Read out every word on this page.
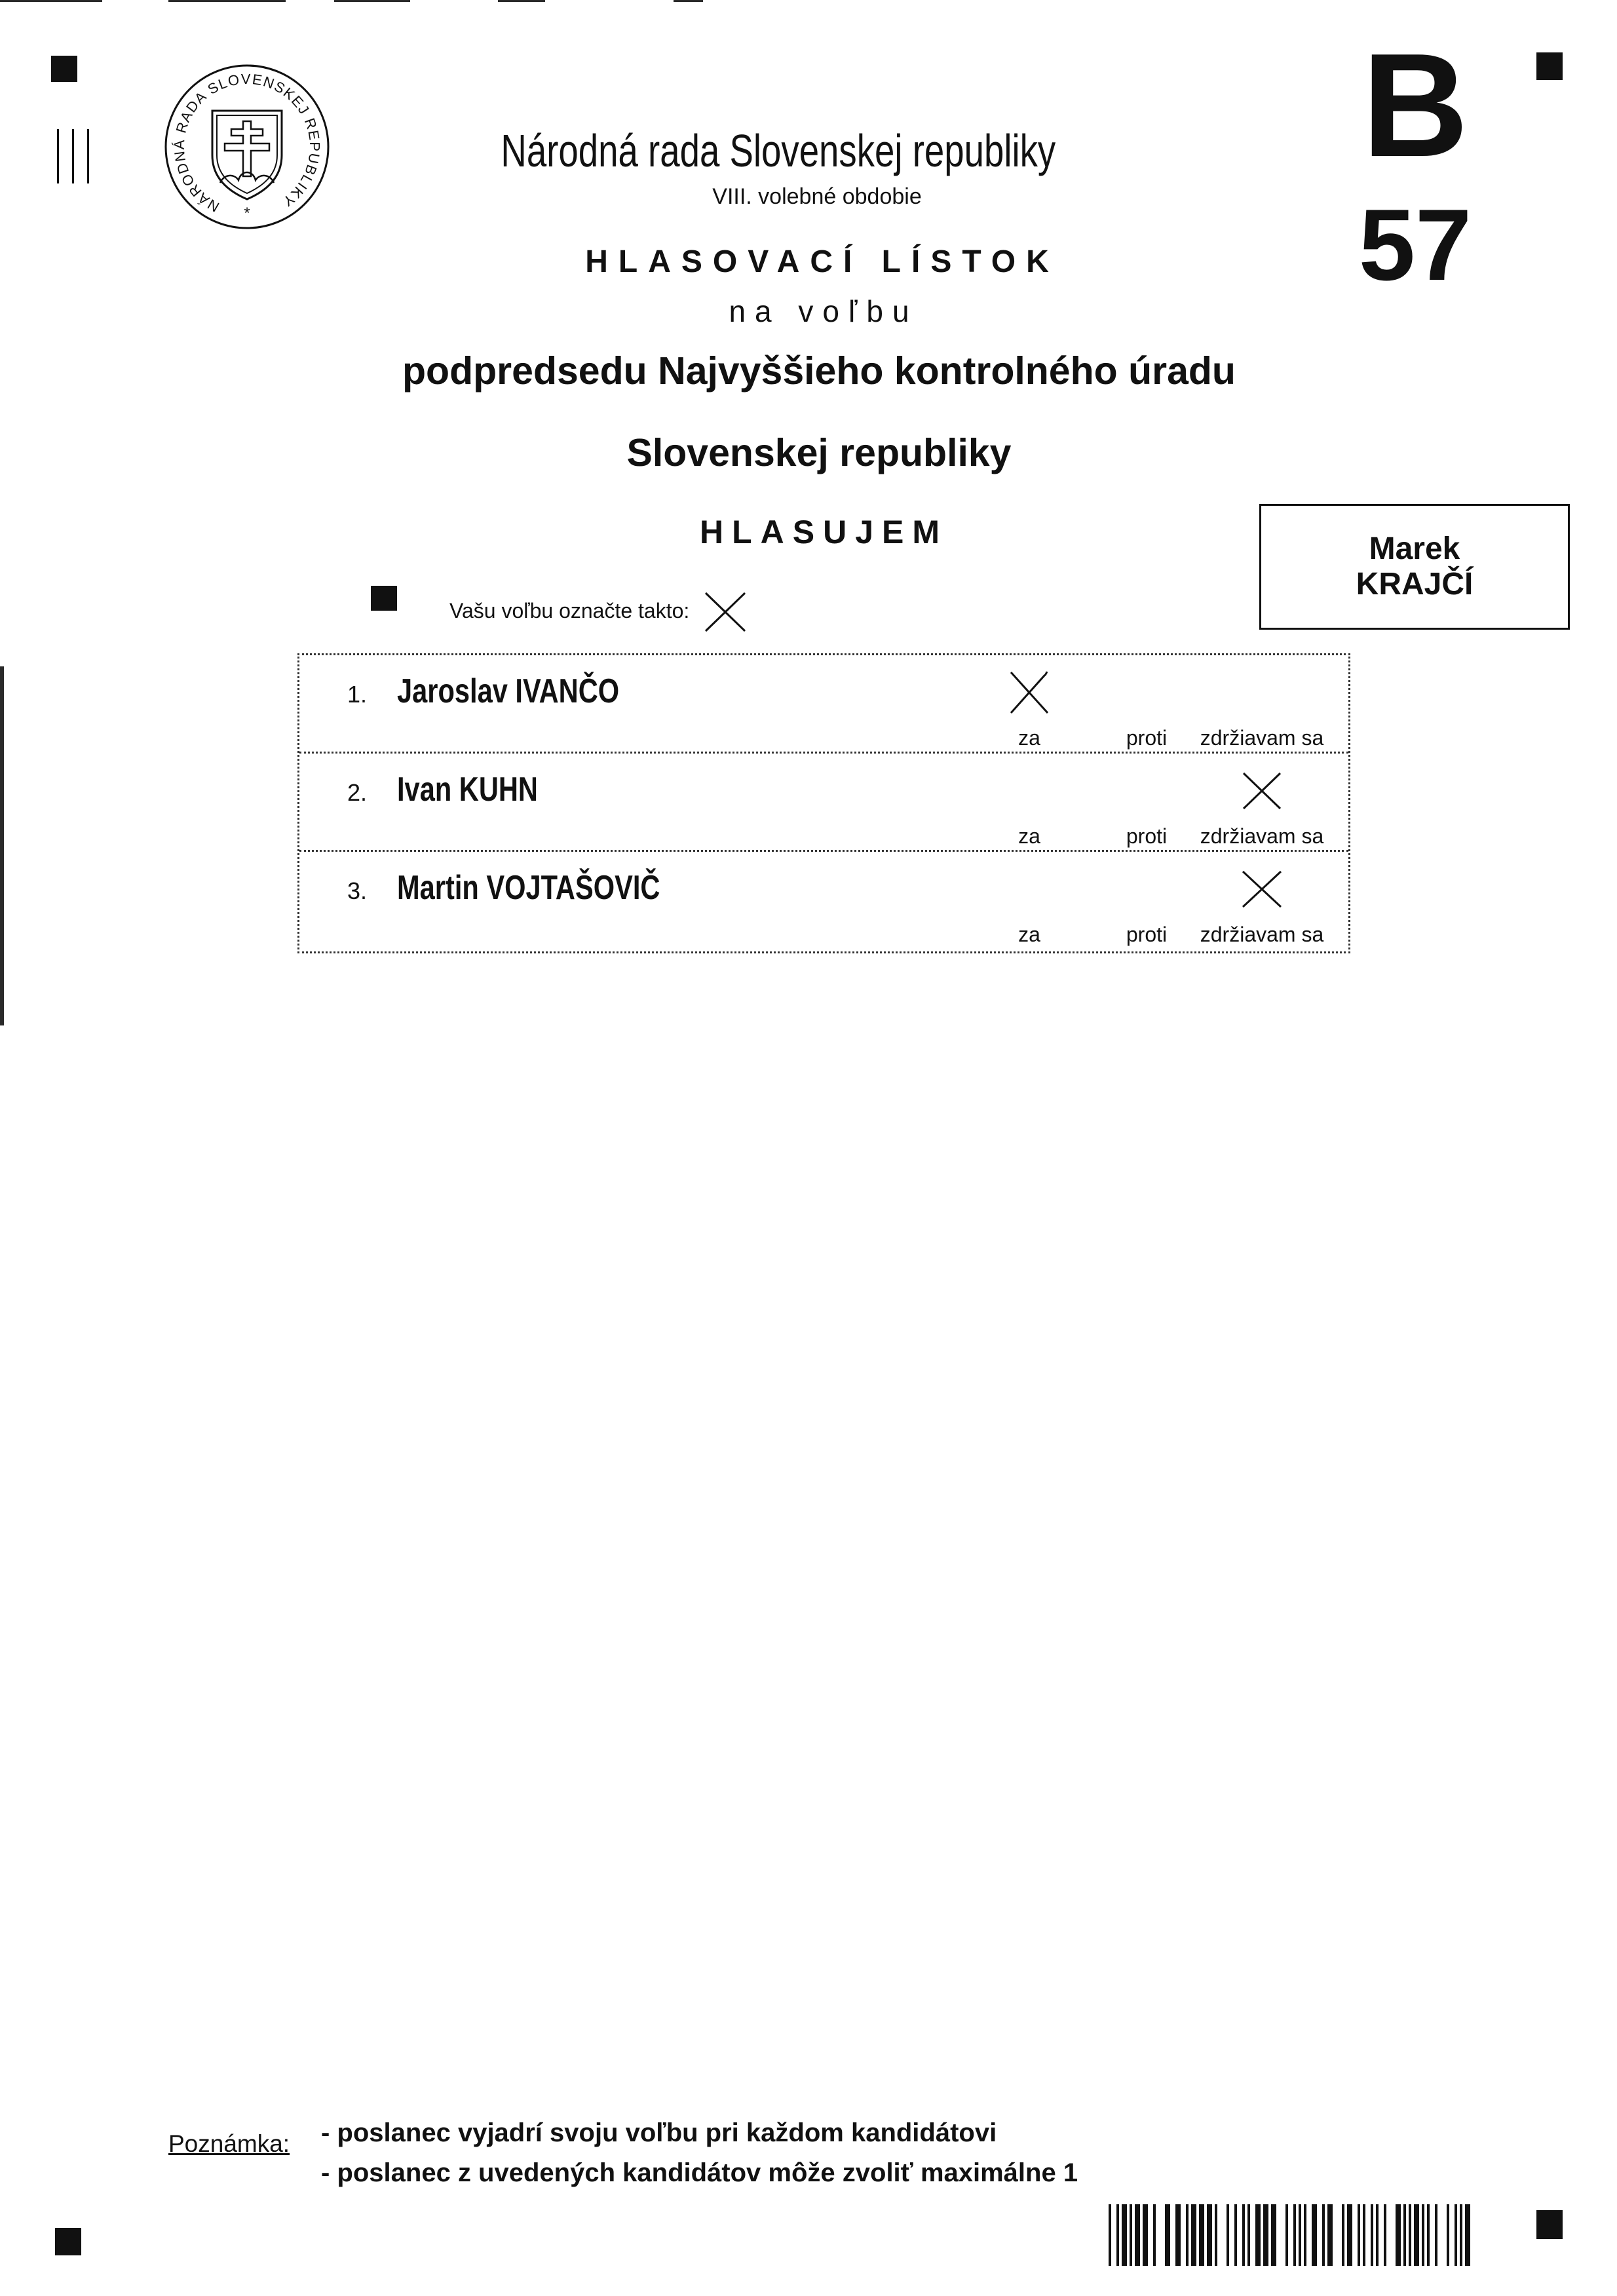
NÁRODNÁ RADA SLOVENSKEJ REPUBLIKY
*
Národná rada Slovenskej republiky
VIII. volebné obdobie
HLASOVACÍ LÍSTOK
na voľbu
podpredsedu Najvyššieho kontrolného úradu
Slovenskej republiky
HLASUJEM
B
57
Marek
KRAJČÍ
Vašu voľbu označte takto:
1. Jaroslav IVANČO
za	proti	zdržiavam sa
2. Ivan KUHN
za	proti	zdržiavam sa
3. Martin VOJTAŠOVIČ
za	proti	zdržiavam sa
Poznámka: - poslanec vyjadrí svoju voľbu pri každom kandidátovi
- poslanec z uvedených kandidátov môže zvoliť maximálne 1
